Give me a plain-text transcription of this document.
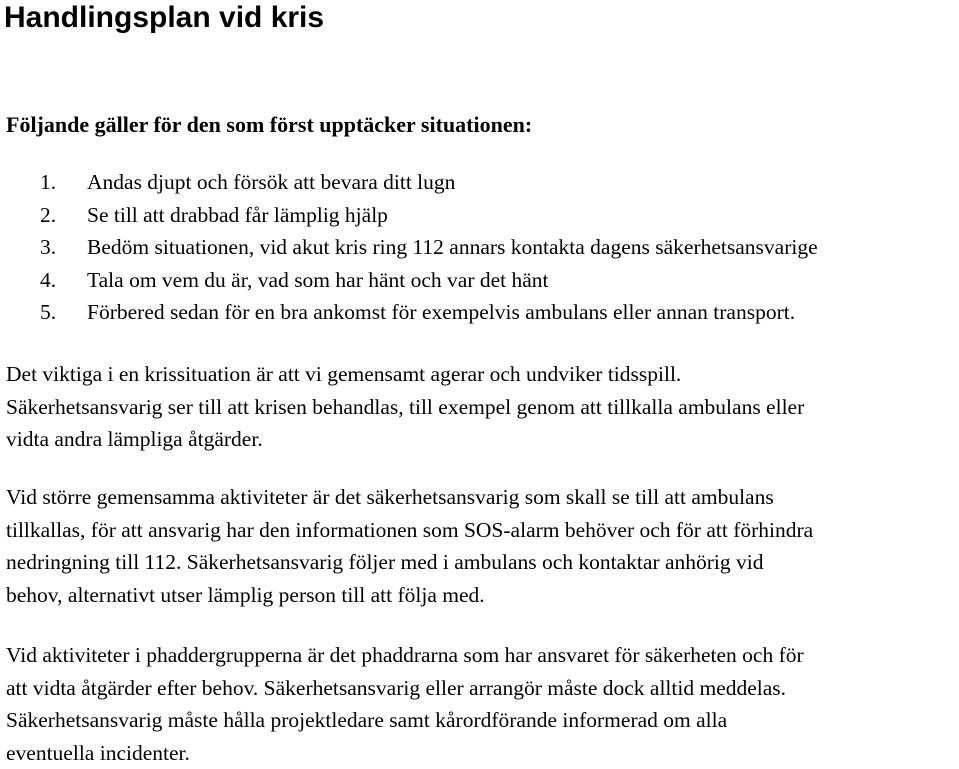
Handlingsplan vid kris

Följande gäller för den som först upptäcker situationen:

1. Andas djupt och försök att bevara ditt lugn
2. Se till att drabbad får lämplig hjälp
3. Bedöm situationen, vid akut kris ring 112 annars kontakta dagens säkerhetsansvarige
4. Tala om vem du är, vad som har hänt och var det hänt
5. Förbered sedan för en bra ankomst för exempelvis ambulans eller annan transport.

Det viktiga i en krissituation är att vi gemensamt agerar och undviker tidsspill.
Säkerhetsansvarig ser till att krisen behandlas, till exempel genom att tillkalla ambulans eller
vidta andra lämpliga åtgärder.

Vid större gemensamma aktiviteter är det säkerhetsansvarig som skall se till att ambulans
tillkallas, för att ansvarig har den informationen som SOS-alarm behöver och för att förhindra
nedringning till 112. Säkerhetsansvarig följer med i ambulans och kontaktar anhörig vid
behov, alternativt utser lämplig person till att följa med.

Vid aktiviteter i phaddergrupperna är det phaddrarna som har ansvaret för säkerheten och för
att vidta åtgärder efter behov. Säkerhetsansvarig eller arrangör måste dock alltid meddelas.
Säkerhetsansvarig måste hålla projektledare samt kårordförande informerad om alla
eventuella incidenter.
